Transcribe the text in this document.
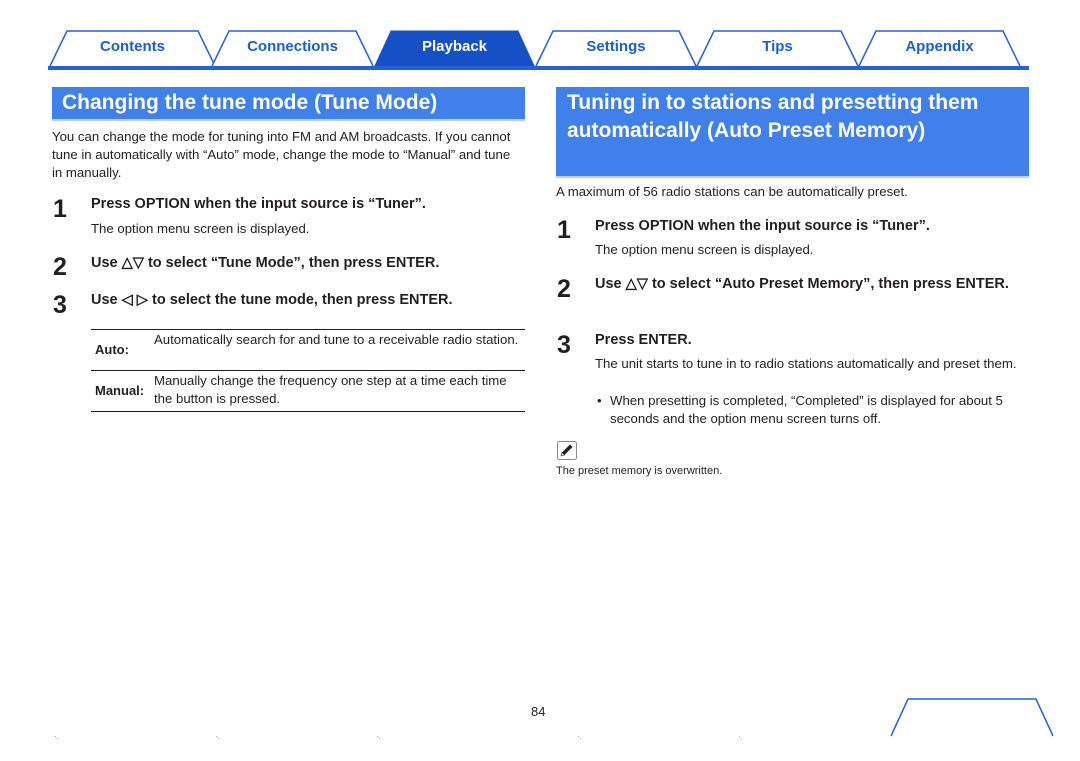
Contents	Connections	Playback	Settings	Tips	Appendix
Changing the tune mode (Tune Mode)
You can change the mode for tuning into FM and AM broadcasts. If you cannot tune in automatically with “Auto” mode, change the mode to “Manual” and tune in manually.
1 Press OPTION when the input source is “Tuner”.
The option menu screen is displayed.
2 Use △▽ to select “Tune Mode”, then press ENTER.
3 Use ◁ ▷ to select the tune mode, then press ENTER.
Auto:
Automatically search for and tune to a receivable radio station.
Manual:
Manually change the frequency one step at a time each time the button is pressed.
Tuning in to stations and presetting them automatically (Auto Preset Memory)
A maximum of 56 radio stations can be automatically preset.
1 Press OPTION when the input source is “Tuner”.
The option menu screen is displayed.
2 Use △▽ to select “Auto Preset Memory”, then press ENTER.
3 Press ENTER.
The unit starts to tune in to radio stations automatically and preset them.
• When presetting is completed, “Completed” is displayed for about 5 seconds and the option menu screen turns off.
The preset memory is overwritten.
84
·.	·.	·.	·.	·.
